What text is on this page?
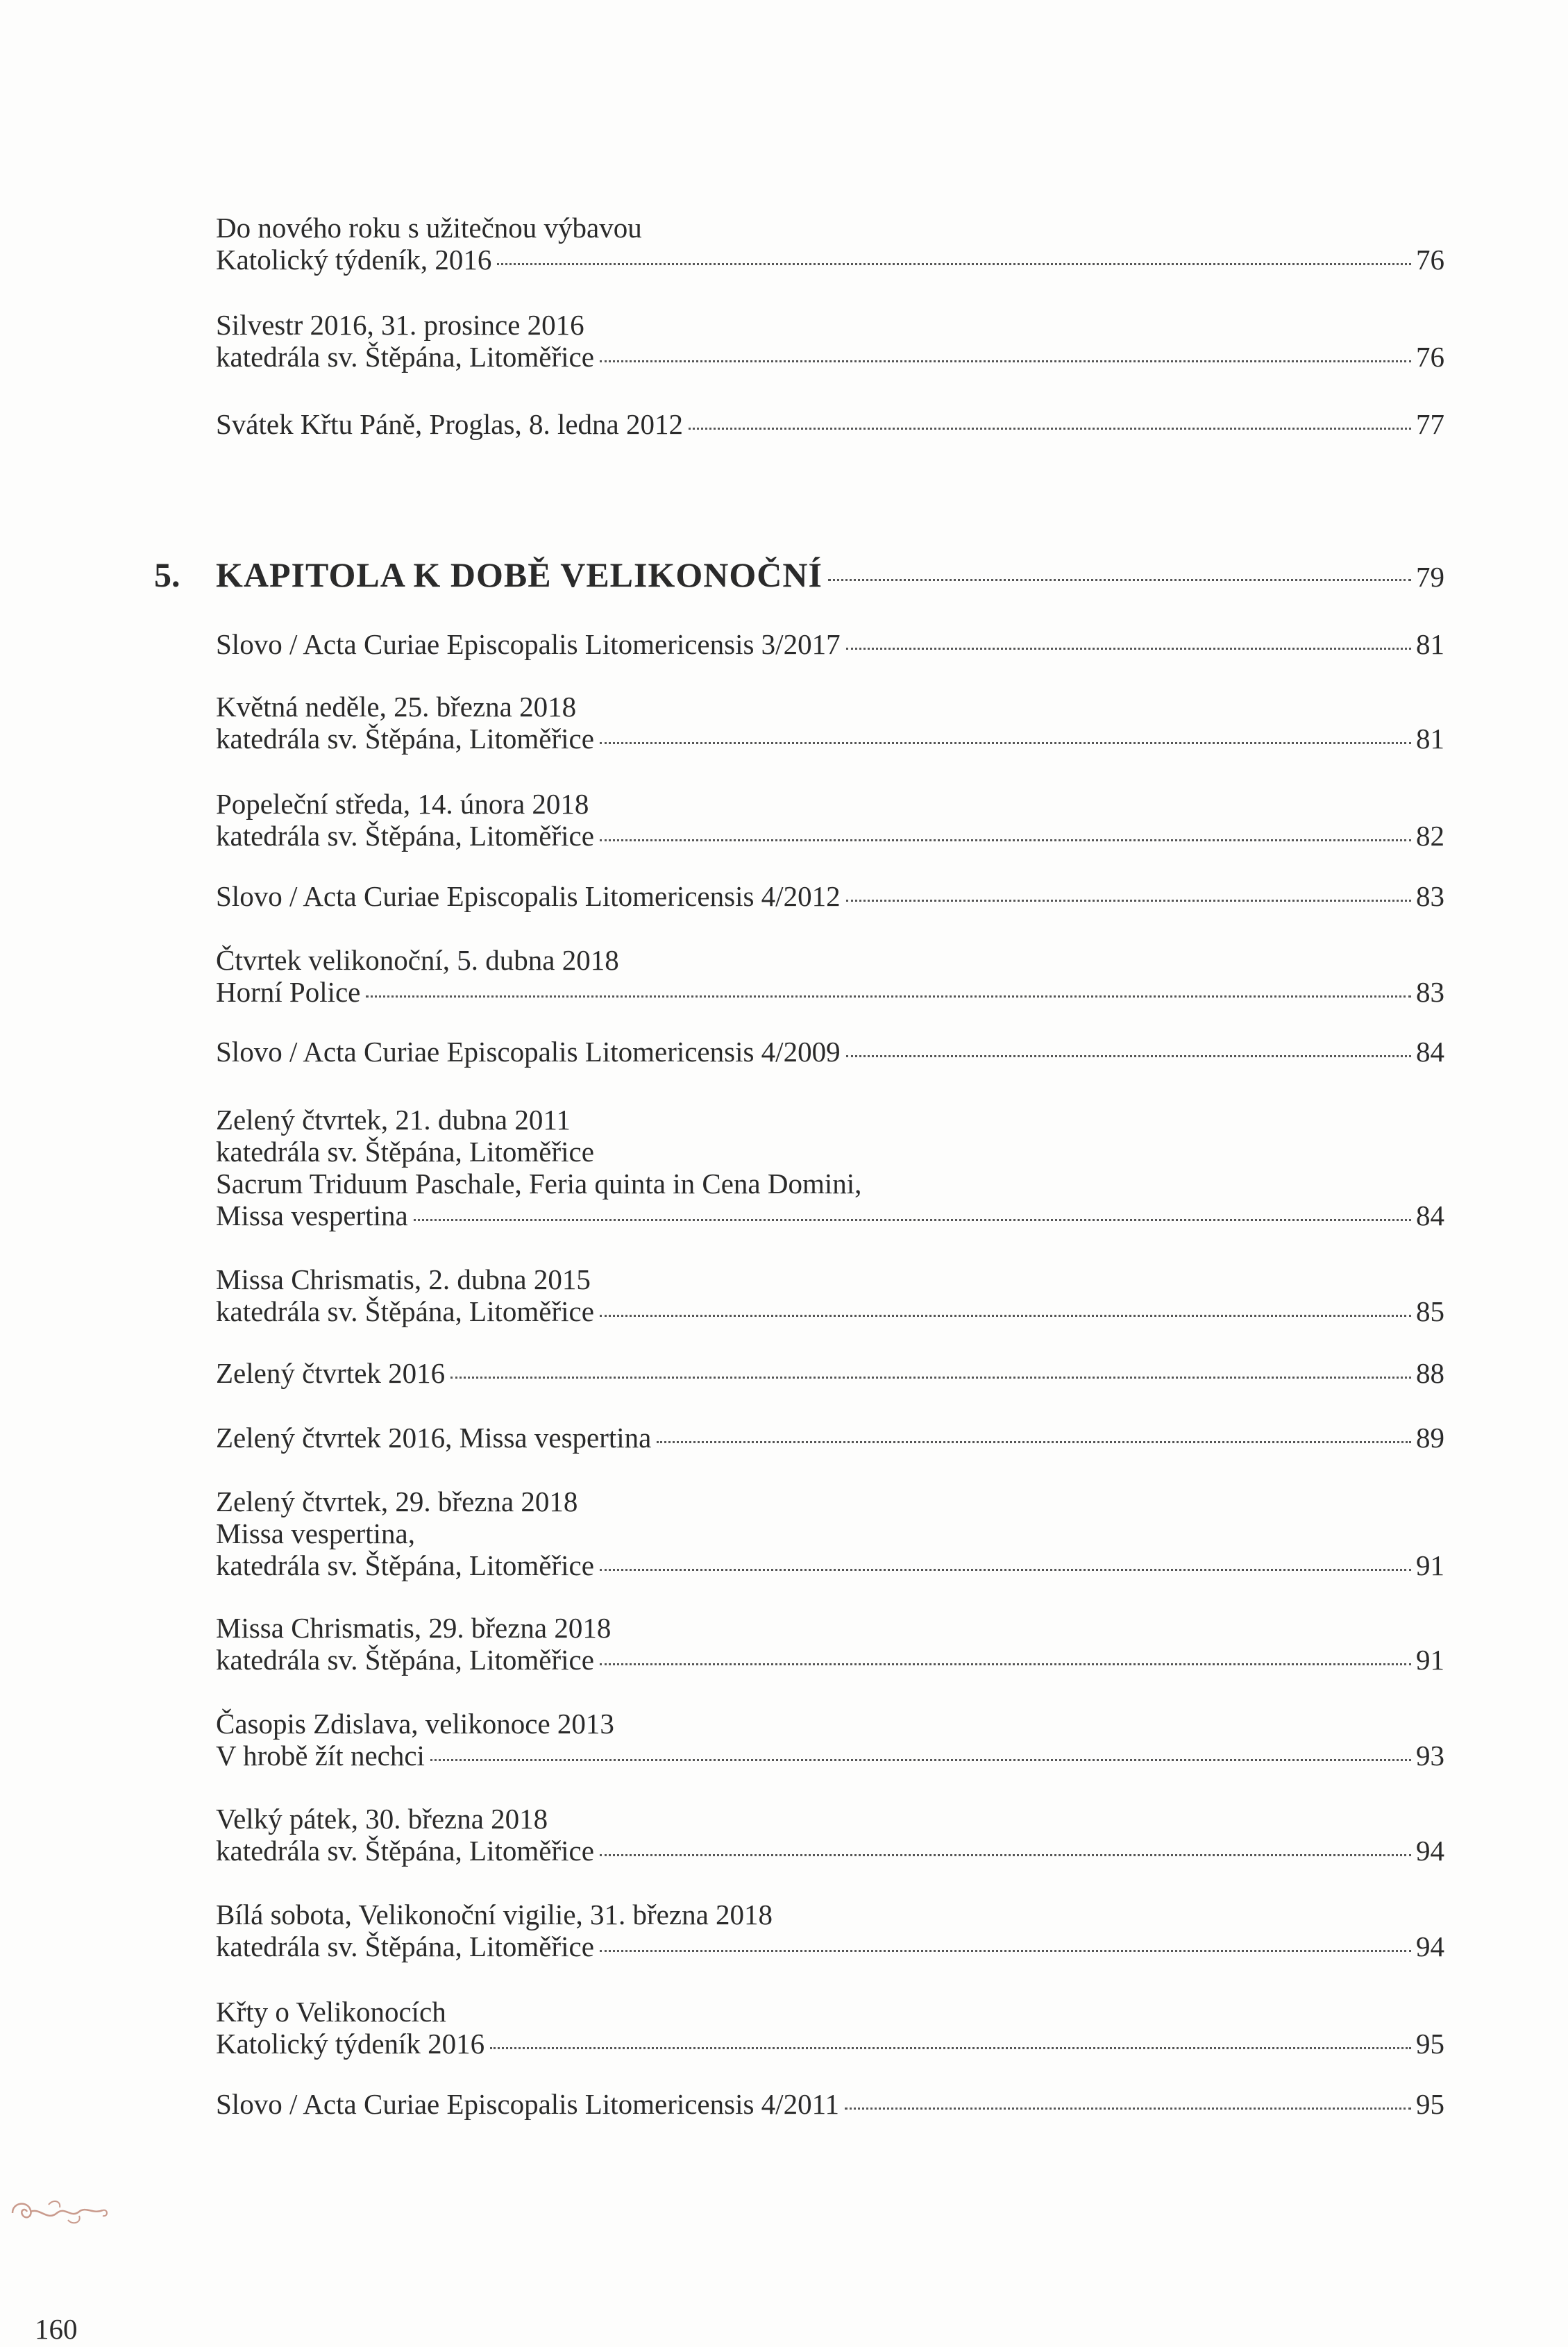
Do nového roku s užitečnou výbavou
Katolický týdeník, 2016	76
Silvestr 2016, 31. prosince 2016
katedrála sv. Štěpána, Litoměřice	76
Svátek Křtu Páně, Proglas, 8. ledna 2012	77
5.	KAPITOLA K DOBĚ VELIKONOČNÍ	79
Slovo / Acta Curiae Episcopalis Litomericensis 3/2017	81
Květná neděle, 25. března 2018
katedrála sv. Štěpána, Litoměřice	81
Popeleční středa, 14. února 2018
katedrála sv. Štěpána, Litoměřice	82
Slovo / Acta Curiae Episcopalis Litomericensis 4/2012	83
Čtvrtek velikonoční, 5. dubna 2018
Horní Police	83
Slovo / Acta Curiae Episcopalis Litomericensis 4/2009	84
Zelený čtvrtek, 21. dubna 2011
katedrála sv. Štěpána, Litoměřice
Sacrum Triduum Paschale, Feria quinta in Cena Domini,
Missa vespertina	84
Missa Chrismatis, 2. dubna 2015
katedrála sv. Štěpána, Litoměřice	85
Zelený čtvrtek 2016	88
Zelený čtvrtek 2016, Missa vespertina	89
Zelený čtvrtek, 29. března 2018
Missa vespertina,
katedrála sv. Štěpána, Litoměřice	91
Missa Chrismatis, 29. března 2018
katedrála sv. Štěpána, Litoměřice	91
Časopis Zdislava, velikonoce 2013
V hrobě žít nechci	93
Velký pátek, 30. března 2018
katedrála sv. Štěpána, Litoměřice	94
Bílá sobota, Velikonoční vigilie, 31. března 2018
katedrála sv. Štěpána, Litoměřice	94
Křty o Velikonocích
Katolický týdeník 2016	95
Slovo / Acta Curiae Episcopalis Litomericensis 4/2011	95
160
